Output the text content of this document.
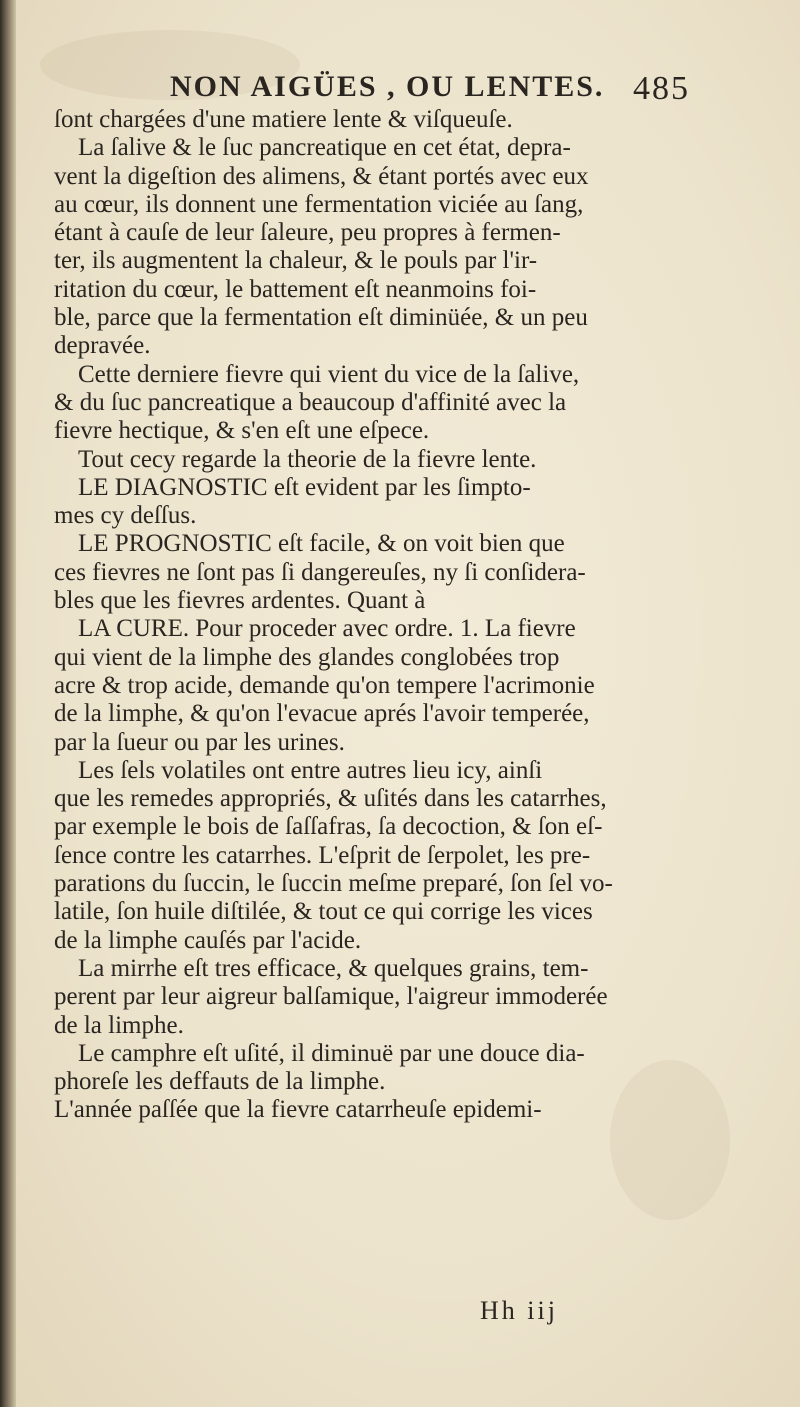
NON AIGÜES , OU LENTES. 485
ſont chargées d'une matiere lente & viſqueuſe.
La ſalive & le ſuc pancreatique en cet état, depra-
vent la digeſtion des alimens, & étant portés avec eux
au cœur, ils donnent une fermentation viciée au ſang,
étant à cauſe de leur ſaleure, peu propres à fermen-
ter, ils augmentent la chaleur, & le pouls par l'ir-
ritation du cœur, le battement eſt neanmoins foi-
ble, parce que la fermentation eſt diminüée, & un peu
depravée.
Cette derniere fievre qui vient du vice de la ſalive,
& du ſuc pancreatique a beaucoup d'affinité avec la
fievre hectique, & s'en eſt une eſpece.
Tout cecy regarde la theorie de la fievre lente.
LE DIAGNOSTIC eſt evident par les ſimpto-
mes cy deſſus.
LE PROGNOSTIC eſt facile, & on voit bien que
ces fievres ne ſont pas ſi dangereuſes, ny ſi conſidera-
bles que les fievres ardentes. Quant à
LA CURE. Pour proceder avec ordre. 1. La fievre
qui vient de la limphe des glandes conglobées trop
acre & trop acide, demande qu'on tempere l'acrimonie
de la limphe, & qu'on l'evacue aprés l'avoir temperée,
par la ſueur ou par les urines.
Les ſels volatiles ont entre autres lieu icy, ainſi
que les remedes appropriés, & uſités dans les catarrhes,
par exemple le bois de ſaſſafras, ſa decoction, & ſon eſ-
ſence contre les catarrhes. L'eſprit de ſerpolet, les pre-
parations du ſuccin, le ſuccin meſme preparé, ſon ſel vo-
latile, ſon huile diſtilée, & tout ce qui corrige les vices
de la limphe cauſés par l'acide.
La mirrhe eſt tres efficace, & quelques grains, tem-
perent par leur aigreur balſamique, l'aigreur immoderée
de la limphe.
Le camphre eſt uſité, il diminuë par une douce dia-
phoreſe les deffauts de la limphe.
L'année paſſée que la fievre catarrheuſe epidemi-
Hh iij
